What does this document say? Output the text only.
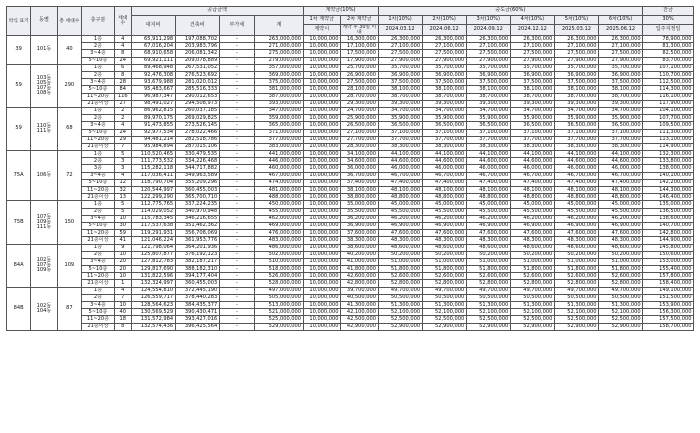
약식 표기	동별	총 세대수	층구분	세대수	공급금액				계약금(10%)		중도금(60%)						잔금
					대지비	건축비	부가세	계	1차 계약금	2차 계약금	1차(10%)	2차(10%)	3차(10%)	4차(10%)	5차(10%)	6차(10%)	30%
									계약시	계약 후 30일 이내	2024.03.12	2024.06.12	2024.09.12	2024.12.12	2025.03.12	2025.06.12	입주지정일
39	101동	40	1층	4	65,911,298	197,088,702	-	263,000,000	10,000,000	16,300,000	26,300,000	26,300,000	26,300,000	26,300,000	26,300,000	26,300,000	78,900,000
			2층	4	67,016,204	203,983,796	-	271,000,000	10,000,000	17,100,000	27,100,000	27,100,000	27,100,000	27,100,000	27,100,000	27,100,000	81,300,000
			3~4층	8	68,910,658	206,081,342	-	275,000,000	10,000,000	17,500,000	27,500,000	27,500,000	27,500,000	27,500,000	27,500,000	27,500,000	82,500,000
			5~10층	24	69,921,111	209,078,889	-	279,000,000	10,000,000	17,900,000	27,900,000	27,900,000	27,900,000	27,900,000	27,900,000	27,900,000	83,700,000
59	103동 105동 107동 108동	290	1층	6	89,468,948	267,531,052	-	357,000,000	10,000,000	25,700,000	35,700,000	35,700,000	35,700,000	35,700,000	35,700,000	35,700,000	107,100,000
			2층	8	92,476,308	276,523,692	-	369,000,000	10,000,000	26,900,000	36,900,000	36,900,000	36,900,000	36,900,000	36,900,000	36,900,000	110,700,000
			3~4층	28	93,679,988	281,020,012	-	375,000,000	10,000,000	27,500,000	37,500,000	37,500,000	37,500,000	37,500,000	37,500,000	37,500,000	112,500,000
			5~10층	84	95,483,667	285,516,333	-	381,000,000	10,000,000	28,100,000	38,100,000	38,100,000	38,100,000	38,100,000	38,100,000	38,100,000	114,300,000
			11~20층	116	96,987,347	290,012,653	-	387,000,000	10,000,000	28,700,000	38,700,000	38,700,000	38,700,000	38,700,000	38,700,000	38,700,000	116,100,000
			21층이상	27	98,491,027	294,508,973	-	393,000,000	10,000,000	29,300,000	39,300,000	39,300,000	39,300,000	39,300,000	39,300,000	39,300,000	117,900,000
59	110동 111동	68	1층	2	86,962,815	260,037,185	-	347,000,000	10,000,000	24,700,000	34,700,000	34,700,000	34,700,000	34,700,000	34,700,000	34,700,000	104,100,000
			2층	2	89,970,175	269,029,825	-	359,000,000	10,000,000	25,900,000	35,900,000	35,900,000	35,900,000	35,900,000	35,900,000	35,900,000	107,700,000
			3~4층	4	91,473,855	273,526,145	-	365,000,000	10,000,000	26,500,000	36,500,000	36,500,000	36,500,000	36,500,000	36,500,000	36,500,000	109,500,000
			5~10층	24	92,977,534	278,022,466	-	371,000,000	10,000,000	27,100,000	37,100,000	37,100,000	37,100,000	37,100,000	37,100,000	37,100,000	111,300,000
			11~20층	29	94,481,214	282,518,786	-	377,000,000	10,000,000	27,700,000	37,700,000	37,700,000	37,700,000	37,700,000	37,700,000	37,700,000	113,100,000
			21층이상	7	95,984,894	287,015,106	-	383,000,000	10,000,000	28,300,000	38,300,000	38,300,000	38,300,000	38,300,000	38,300,000	38,300,000	114,900,000
75A	106동	72	1층	5	110,520,465	330,479,535	-	441,000,000	10,000,000	34,100,000	44,100,000	44,100,000	44,100,000	44,100,000	44,100,000	44,100,000	132,300,000
			2층	3	111,773,532	334,226,468	-	446,000,000	10,000,000	34,600,000	44,600,000	44,600,000	44,600,000	44,600,000	44,600,000	44,600,000	133,800,000
			3층	3	115,282,118	344,717,882	-	460,000,000	10,000,000	36,000,000	46,000,000	46,000,000	46,000,000	46,000,000	46,000,000	46,000,000	138,000,000
			3~4층	4	117,036,411	349,963,589	-	467,000,000	10,000,000	36,700,000	46,700,000	46,700,000	46,700,000	46,700,000	46,700,000	46,700,000	140,100,000
			5~10층	12	118,790,704	355,209,296	-	474,000,000	10,000,000	37,400,000	47,400,000	47,400,000	47,400,000	47,400,000	47,400,000	47,400,000	142,200,000
			11~20층	32	120,544,997	360,455,003	-	481,000,000	10,000,000	38,100,000	48,100,000	48,100,000	48,100,000	48,100,000	48,100,000	48,100,000	144,300,000
			21층이상	13	122,299,290	365,700,710	-	488,000,000	10,000,000	38,800,000	48,800,000	48,800,000	48,800,000	48,800,000	48,800,000	48,800,000	146,400,000
75B	107동 109동 111동	150	1층	5	112,775,765	337,224,235	-	450,000,000	10,000,000	35,000,000	45,000,000	45,000,000	45,000,000	45,000,000	45,000,000	45,000,000	135,000,000
			2층	5	114,029,052	340,970,948	-	455,000,000	10,000,000	35,500,000	45,500,000	45,500,000	45,500,000	45,500,000	45,500,000	45,500,000	136,500,000
			3~4층	10	115,783,345	346,216,655	-	462,000,000	10,000,000	36,200,000	46,200,000	46,200,000	46,200,000	46,200,000	46,200,000	46,200,000	138,600,000
			5~10층	30	117,537,638	351,462,362	-	469,000,000	10,000,000	36,900,000	46,900,000	46,900,000	46,900,000	46,900,000	46,900,000	46,900,000	140,700,000
			11~20층	59	119,291,931	356,708,069	-	476,000,000	10,000,000	37,600,000	47,600,000	47,600,000	47,600,000	47,600,000	47,600,000	47,600,000	142,800,000
			21층이상	41	121,046,224	361,953,776	-	483,000,000	10,000,000	38,300,000	48,300,000	48,300,000	48,300,000	48,300,000	48,300,000	48,300,000	144,900,000
84A	102동 107동 109동	109	1층	9	121,798,064	364,201,936	-	486,000,000	10,000,000	38,600,000	48,600,000	48,600,000	48,600,000	48,600,000	48,600,000	48,600,000	145,800,000
			2층	10	125,807,877	376,192,123	-	502,000,000	10,000,000	40,200,000	50,200,000	50,200,000	50,200,000	50,200,000	50,200,000	50,200,000	150,600,000
			3~4층	20	127,812,783	382,187,217	-	510,000,000	10,000,000	41,000,000	51,000,000	51,000,000	51,000,000	51,000,000	51,000,000	51,000,000	153,000,000
			5~10층	20	129,817,690	388,182,310	-	518,000,000	10,000,000	41,800,000	51,800,000	51,800,000	51,800,000	51,800,000	51,800,000	51,800,000	155,400,000
			11~20층	10	131,822,596	394,177,404	-	526,000,000	10,000,000	42,600,000	52,600,000	52,600,000	52,600,000	52,600,000	52,600,000	52,600,000	157,800,000
			21층이상	1	132,324,997	360,455,003	-	528,000,000	10,000,000	42,800,000	52,800,000	52,800,000	52,800,000	52,800,000	52,800,000	52,800,000	158,400,000
84B	102동 104동	87	1층	4	124,554,810	372,445,190	-	497,000,000	10,000,000	39,700,000	49,700,000	49,700,000	49,700,000	49,700,000	49,700,000	49,700,000	149,100,000
			2층	7	126,559,717	378,440,283	-	505,000,000	10,000,000	40,500,000	50,500,000	50,500,000	50,500,000	50,500,000	50,500,000	50,500,000	151,500,000
			3~4층	10	128,564,623	384,435,377	-	513,000,000	10,000,000	41,300,000	51,300,000	51,300,000	51,300,000	51,300,000	51,300,000	51,300,000	153,900,000
			5~10층	40	130,569,529	390,430,471	-	521,000,000	10,000,000	42,100,000	52,100,000	52,100,000	52,100,000	52,100,000	52,100,000	52,100,000	156,300,000
			11~20층	18	131,572,984	393,427,016	-	525,000,000	10,000,000	42,500,000	52,500,000	52,500,000	52,500,000	52,500,000	52,500,000	52,500,000	157,500,000
			21층이상	8	132,574,436	396,425,564	-	529,000,000	10,000,000	42,900,000	52,900,000	52,900,000	52,900,000	52,900,000	52,900,000	52,900,000	158,700,000
